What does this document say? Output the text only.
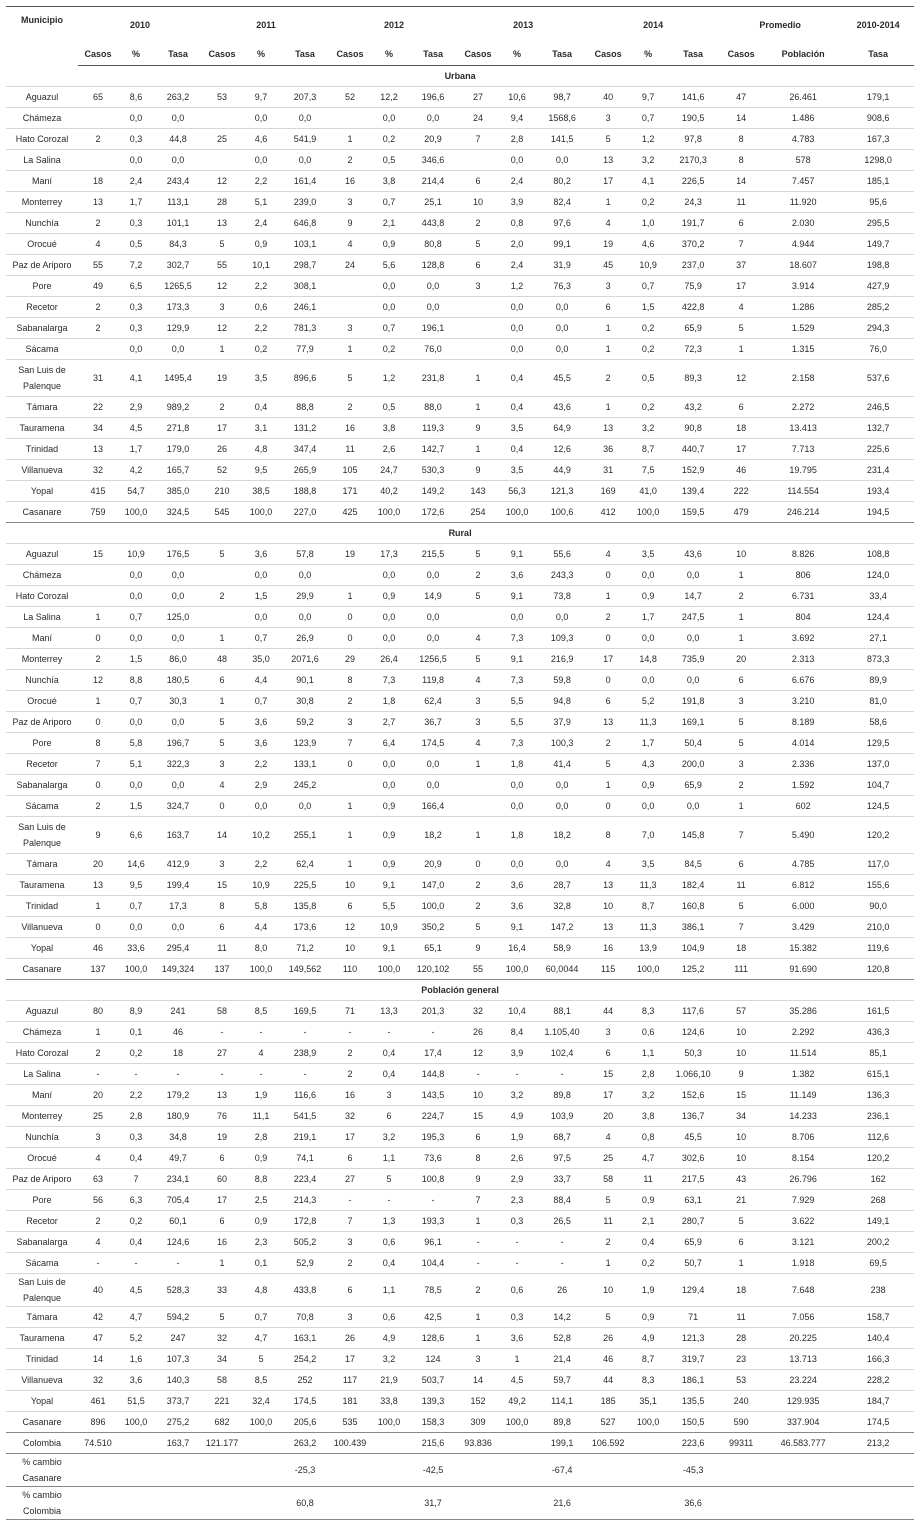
Municipio	2010			2011			2012			2013			2014			Promedio		2010-2014
	Casos	%	Tasa	Casos	%	Tasa	Casos	%	Tasa	Casos	%	Tasa	Casos	%	Tasa	Casos	Población	Tasa
Urbana																		
Aguazul	65	8,6	263,2	53	9,7	207,3	52	12,2	196,6	27	10,6	98,7	40	9,7	141,6	47	26.461	179,1
Chámeza		0,0	0,0		0,0	0,0		0,0	0,0	24	9,4	1568,6	3	0,7	190,5	14	1.486	908,6
Hato Corozal	2	0,3	44,8	25	4,6	541,9	1	0,2	20,9	7	2,8	141,5	5	1,2	97,8	8	4.783	167,3
La Salina		0,0	0,0		0,0	0,0	2	0,5	346,6		0,0	0,0	13	3,2	2170,3	8	578	1298,0
Maní	18	2,4	243,4	12	2,2	161,4	16	3,8	214,4	6	2,4	80,2	17	4,1	226,5	14	7.457	185,1
Monterrey	13	1,7	113,1	28	5,1	239,0	3	0,7	25,1	10	3,9	82,4	1	0,2	24,3	11	11.920	95,6
Nunchía	2	0,3	101,1	13	2,4	646,8	9	2,1	443,8	2	0,8	97,6	4	1,0	191,7	6	2.030	295,5
Orocué	4	0,5	84,3	5	0,9	103,1	4	0,9	80,8	5	2,0	99,1	19	4,6	370,2	7	4.944	149,7
Paz de Ariporo	55	7,2	302,7	55	10,1	298,7	24	5,6	128,8	6	2,4	31,9	45	10,9	237,0	37	18.607	198,8
Pore	49	6,5	1265,5	12	2,2	308,1		0,0	0,0	3	1,2	76,3	3	0,7	75,9	17	3.914	427,9
Recetor	2	0,3	173,3	3	0,6	246,1		0,0	0,0		0,0	0,0	6	1,5	422,8	4	1.286	285,2
Sabanalarga	2	0,3	129,9	12	2,2	781,3	3	0,7	196,1		0,0	0,0	1	0,2	65,9	5	1.529	294,3
Sácama		0,0	0,0	1	0,2	77,9	1	0,2	76,0		0,0	0,0	1	0,2	72,3	1	1.315	76,0
San Luis de Palenque	31	4,1	1495,4	19	3,5	896,6	5	1,2	231,8	1	0,4	45,5	2	0,5	89,3	12	2.158	537,6
Támara	22	2,9	989,2	2	0,4	88,8	2	0,5	88,0	1	0,4	43,6	1	0,2	43,2	6	2.272	246,5
Tauramena	34	4,5	271,8	17	3,1	131,2	16	3,8	119,3	9	3,5	64,9	13	3,2	90,8	18	13.413	132,7
Trinidad	13	1,7	179,0	26	4,8	347,4	11	2,6	142,7	1	0,4	12,6	36	8,7	440,7	17	7.713	225,6
Villanueva	32	4,2	165,7	52	9,5	265,9	105	24,7	530,3	9	3,5	44,9	31	7,5	152,9	46	19.795	231,4
Yopal	415	54,7	385,0	210	38,5	188,8	171	40,2	149,2	143	56,3	121,3	169	41,0	139,4	222	114.554	193,4
Casanare	759	100,0	324,5	545	100,0	227,0	425	100,0	172,6	254	100,0	100,6	412	100,0	159,5	479	246.214	194,5
Rural																		
Aguazul	15	10,9	176,5	5	3,6	57,8	19	17,3	215,5	5	9,1	55,6	4	3,5	43,6	10	8.826	108,8
Chámeza		0,0	0,0		0,0	0,0		0,0	0,0	2	3,6	243,3	0	0,0	0,0	1	806	124,0
Hato Corozal		0,0	0,0	2	1,5	29,9	1	0,9	14,9	5	9,1	73,8	1	0,9	14,7	2	6.731	33,4
La Salina	1	0,7	125,0		0,0	0,0	0	0,0	0,0		0,0	0,0	2	1,7	247,5	1	804	124,4
Maní	0	0,0	0,0	1	0,7	26,9	0	0,0	0,0	4	7,3	109,3	0	0,0	0,0	1	3.692	27,1
Monterrey	2	1,5	86,0	48	35,0	2071,6	29	26,4	1256,5	5	9,1	216,9	17	14,8	735,9	20	2.313	873,3
Nunchía	12	8,8	180,5	6	4,4	90,1	8	7,3	119,8	4	7,3	59,8	0	0,0	0,0	6	6.676	89,9
Orocué	1	0,7	30,3	1	0,7	30,8	2	1,8	62,4	3	5,5	94,8	6	5,2	191,8	3	3.210	81,0
Paz de Ariporo	0	0,0	0,0	5	3,6	59,2	3	2,7	36,7	3	5,5	37,9	13	11,3	169,1	5	8.189	58,6
Pore	8	5,8	196,7	5	3,6	123,9	7	6,4	174,5	4	7,3	100,3	2	1,7	50,4	5	4.014	129,5
Recetor	7	5,1	322,3	3	2,2	133,1	0	0,0	0,0	1	1,8	41,4	5	4,3	200,0	3	2.336	137,0
Sabanalarga	0	0,0	0,0	4	2,9	245,2		0,0	0,0		0,0	0,0	1	0,9	65,9	2	1.592	104,7
Sácama	2	1,5	324,7	0	0,0	0,0	1	0,9	166,4		0,0	0,0	0	0,0	0,0	1	602	124,5
San Luis de Palenque	9	6,6	163,7	14	10,2	255,1	1	0,9	18,2	1	1,8	18,2	8	7,0	145,8	7	5.490	120,2
Támara	20	14,6	412,9	3	2,2	62,4	1	0,9	20,9	0	0,0	0,0	4	3,5	84,5	6	4.785	117,0
Tauramena	13	9,5	199,4	15	10,9	225,5	10	9,1	147,0	2	3,6	28,7	13	11,3	182,4	11	6.812	155,6
Trinidad	1	0,7	17,3	8	5,8	135,8	6	5,5	100,0	2	3,6	32,8	10	8,7	160,8	5	6.000	90,0
Villanueva	0	0,0	0,0	6	4,4	173,6	12	10,9	350,2	5	9,1	147,2	13	11,3	386,1	7	3.429	210,0
Yopal	46	33,6	295,4	11	8,0	71,2	10	9,1	65,1	9	16,4	58,9	16	13,9	104,9	18	15.382	119,6
Casanare	137	100,0	149,324	137	100,0	149,562	110	100,0	120,102	55	100,0	60,0044	115	100,0	125,2	111	91.690	120,8
Población general																		
Aguazul	80	8,9	241	58	8,5	169,5	71	13,3	201,3	32	10,4	88,1	44	8,3	117,6	57	35.286	161,5
Chámeza	1	0,1	46	-	-	-	-	-	-	26	8,4	1.105,40	3	0,6	124,6	10	2.292	436,3
Hato Corozal	2	0,2	18	27	4	238,9	2	0,4	17,4	12	3,9	102,4	6	1,1	50,3	10	11.514	85,1
La Salina	-	-	-	-	-	-	2	0,4	144,8	-	-	-	15	2,8	1.066,10	9	1.382	615,1
Maní	20	2,2	179,2	13	1,9	116,6	16	3	143,5	10	3,2	89,8	17	3,2	152,6	15	11.149	136,3
Monterrey	25	2,8	180,9	76	11,1	541,5	32	6	224,7	15	4,9	103,9	20	3,8	136,7	34	14.233	236,1
Nunchía	3	0,3	34,8	19	2,8	219,1	17	3,2	195,3	6	1,9	68,7	4	0,8	45,5	10	8.706	112,6
Orocué	4	0,4	49,7	6	0,9	74,1	6	1,1	73,6	8	2,6	97,5	25	4,7	302,6	10	8.154	120,2
Paz de Ariporo	63	7	234,1	60	8,8	223,4	27	5	100,8	9	2,9	33,7	58	11	217,5	43	26.796	162
Pore	56	6,3	705,4	17	2,5	214,3	-	-	-	7	2,3	88,4	5	0,9	63,1	21	7.929	268
Recetor	2	0,2	60,1	6	0,9	172,8	7	1,3	193,3	1	0,3	26,5	11	2,1	280,7	5	3.622	149,1
Sabanalarga	4	0,4	124,6	16	2,3	505,2	3	0,6	96,1	-	-	-	2	0,4	65,9	6	3.121	200,2
Sácama	-	-	-	1	0,1	52,9	2	0,4	104,4	-	-	-	1	0,2	50,7	1	1.918	69,5
San Luis de Palenque	40	4,5	528,3	33	4,8	433,8	6	1,1	78,5	2	0,6	26	10	1,9	129,4	18	7.648	238
Támara	42	4,7	594,2	5	0,7	70,8	3	0,6	42,5	1	0,3	14,2	5	0,9	71	11	7.056	158,7
Tauramena	47	5,2	247	32	4,7	163,1	26	4,9	128,6	1	3,6	52,8	26	4,9	121,3	28	20.225	140,4
Trinidad	14	1,6	107,3	34	5	254,2	17	3,2	124	3	1	21,4	46	8,7	319,7	23	13.713	166,3
Villanueva	32	3,6	140,3	58	8,5	252	117	21,9	503,7	14	4,5	59,7	44	8,3	186,1	53	23.224	228,2
Yopal	461	51,5	373,7	221	32,4	174,5	181	33,8	139,3	152	49,2	114,1	185	35,1	135,5	240	129.935	184,7
Casanare	896	100,0	275,2	682	100,0	205,6	535	100,0	158,3	309	100,0	89,8	527	100,0	150,5	590	337.904	174,5
Colombia	74.510		163,7	121.177		263,2	100.439		215,6	93.836		199,1	106.592		223,6	99311	46.583.777	213,2
% cambio Casanare						-25,3			-42,5			-67,4			-45,3			
% cambio Colombia						60,8			31,7			21,6			36,6			
